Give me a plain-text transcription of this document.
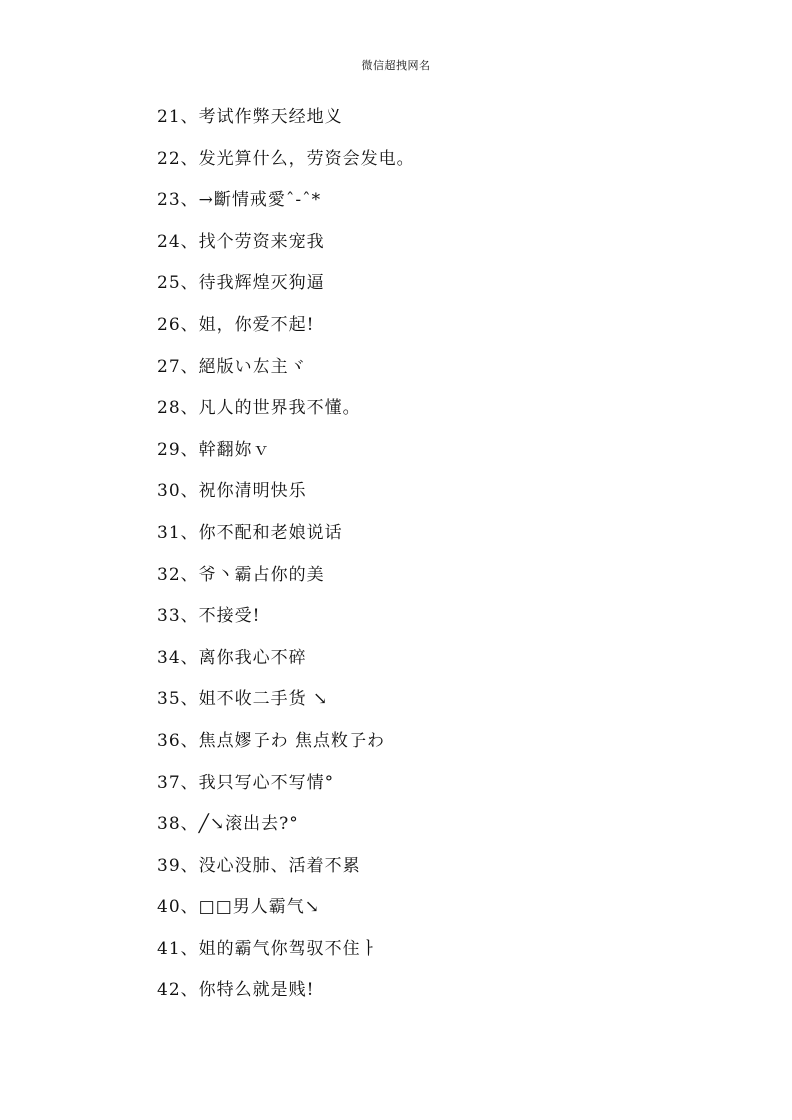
微信超拽网名
21、考试作弊天经地义
22、发光算什么，劳资会发电。
23、→斷情戒愛ˆ-ˆ*
24、找个劳资来宠我
25、待我辉煌灭狗逼
26、姐，你爱不起!
27、絕版い厷主ヾ
28、凡人的世界我不懂。
29、幹翻妳ｖ
30、祝你清明快乐
31、你不配和老娘说话
32、爷丶霸占你的美
33、不接受!
34、离你我心不碎
35、姐不收二手货 ↘
36、焦点嫪孒わ 焦点敉孒わ
37、我只写心不写情°
38、╱↘滚出去?°
39、没心没肺、活着不累
40、□□男人霸气↘
41、姐的霸气你驾驭不住ㅏ
42、你特么就是贱!
